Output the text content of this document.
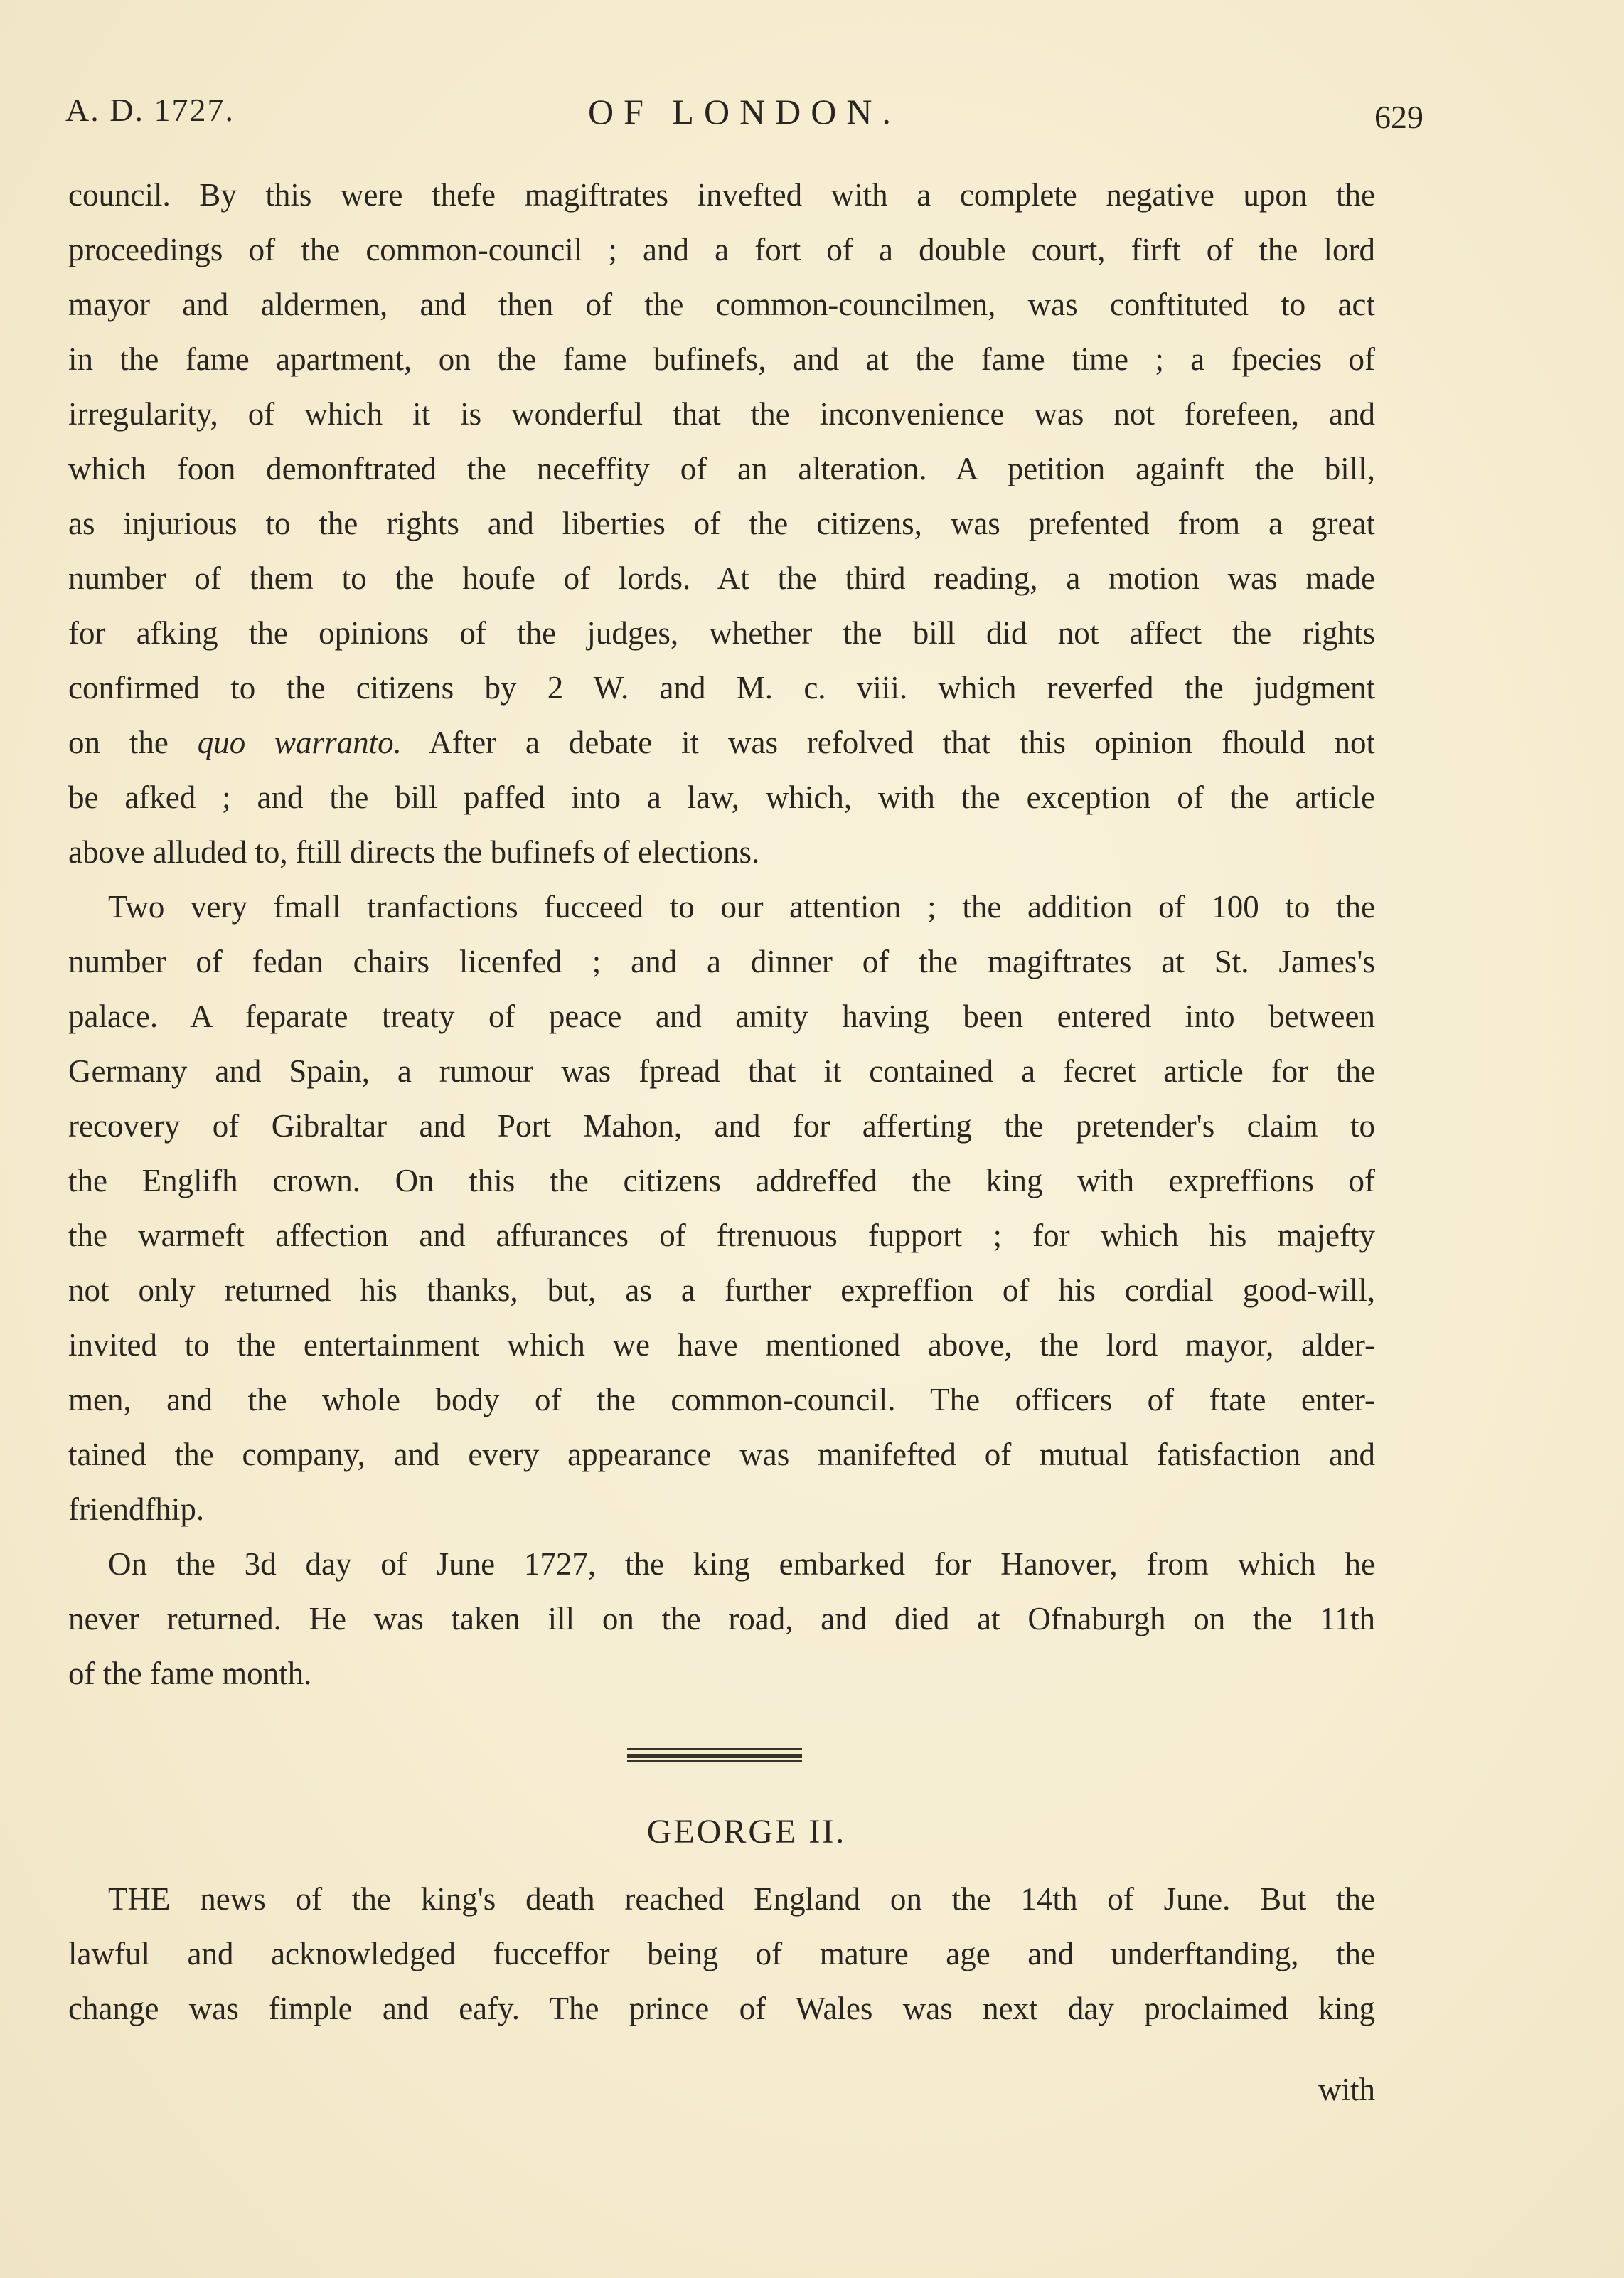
A. D. 1727.	OF LONDON.	629
council. By this were thefe magiftrates invefted with a complete negative upon the
proceedings of the common-council ; and a fort of a double court, firft of the lord
mayor and aldermen, and then of the common-councilmen, was conftituted to act
in the fame apartment, on the fame bufinefs, and at the fame time ; a fpecies of
irregularity, of which it is wonderful that the inconvenience was not forefeen, and
which foon demonftrated the neceffity of an alteration. A petition againft the bill,
as injurious to the rights and liberties of the citizens, was prefented from a great
number of them to the houfe of lords. At the third reading, a motion was made
for afking the opinions of the judges, whether the bill did not affect the rights
confirmed to the citizens by 2 W. and M. c. viii. which reverfed the judgment
on the quo warranto. After a debate it was refolved that this opinion fhould not
be afked ; and the bill paffed into a law, which, with the exception of the article
above alluded to, ftill directs the bufinefs of elections.
Two very fmall tranfactions fucceed to our attention ; the addition of 100 to the
number of fedan chairs licenfed ; and a dinner of the magiftrates at St. James's
palace. A feparate treaty of peace and amity having been entered into between
Germany and Spain, a rumour was fpread that it contained a fecret article for the
recovery of Gibraltar and Port Mahon, and for afferting the pretender's claim to
the Englifh crown. On this the citizens addreffed the king with expreffions of
the warmeft affection and affurances of ftrenuous fupport ; for which his majefty
not only returned his thanks, but, as a further expreffion of his cordial good-will,
invited to the entertainment which we have mentioned above, the lord mayor, alder-
men, and the whole body of the common-council. The officers of ftate enter-
tained the company, and every appearance was manifefted of mutual fatisfaction and
friendfhip.
On the 3d day of June 1727, the king embarked for Hanover, from which he
never returned. He was taken ill on the road, and died at Ofnaburgh on the 11th
of the fame month.
GEORGE II.
THE news of the king's death reached England on the 14th of June. But the
lawful and acknowledged fucceffor being of mature age and underftanding, the
change was fimple and eafy. The prince of Wales was next day proclaimed king
with
